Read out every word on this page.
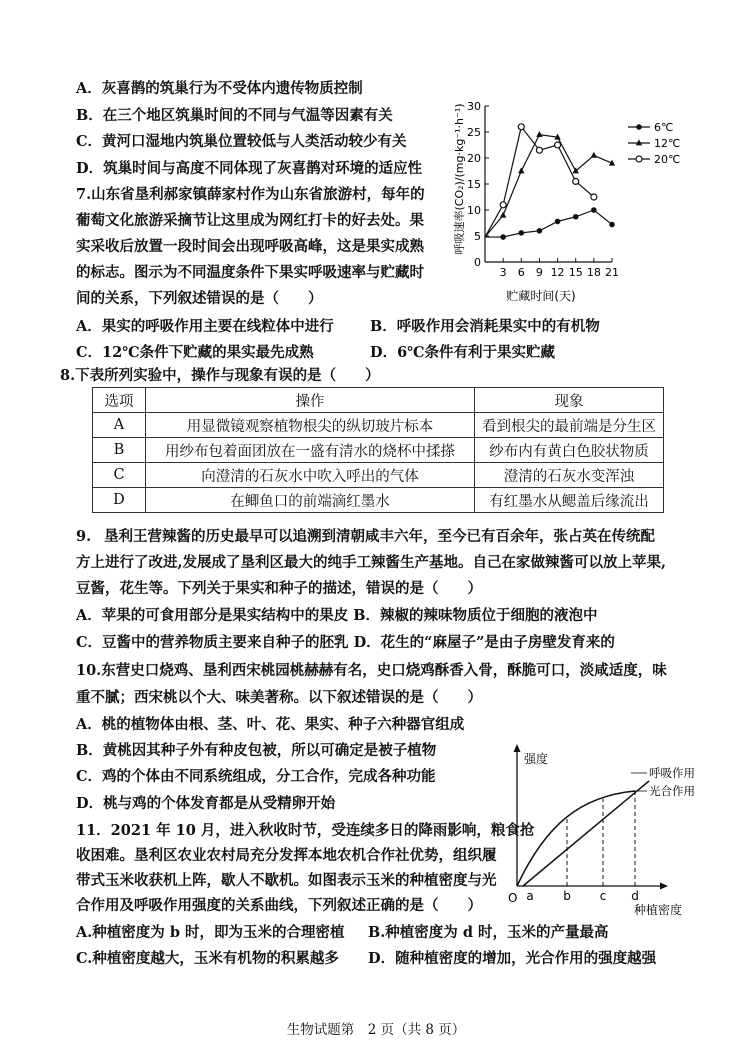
A．灰喜鹊的筑巢行为不受体内遗传物质控制
B．在三个地区筑巢时间的不同与气温等因素有关
C．黄河口湿地内筑巢位置较低与人类活动较少有关
D．筑巢时间与高度不同体现了灰喜鹊对环境的适应性
7.山东省垦利郝家镇薛家村作为山东省旅游村，每年的
葡萄文化旅游采摘节让这里成为网红打卡的好去处。果
实采收后放置一段时间会出现呼吸高峰，这是果实成熟
的标志。图示为不同温度条件下果实呼吸速率与贮藏时
间的关系，下列叙述错误的是（　　）
A．果实的呼吸作用主要在线粒体中进行	B．呼吸作用会消耗果实中的有机物
C．12℃条件下贮藏的果实最先成熟	D．6℃条件有利于果实贮藏
0
5
10
15
20
25
30
3 6 9 12 15 18 21
6℃
12℃
20℃
贮藏时间(天)
呼吸速率(CO₂)/(mg·kg⁻¹·h⁻¹)
8.下表所列实验中，操作与现象有误的是（　　）
选项	操作	现象
A	用显微镜观察植物根尖的纵切玻片标本	看到根尖的最前端是分生区
B	用纱布包着面团放在一盛有清水的烧杯中揉搽	纱布内有黄白色胶状物质
C	向澄清的石灰水中吹入呼出的气体	澄清的石灰水变浑浊
D	在鲫鱼口的前端滴红墨水	有红墨水从鳃盖后缘流出
9. 垦利王营辣酱的历史最早可以追溯到清朝咸丰六年，至今已有百余年，张占英在传统配
方上进行了改进,发展成了垦利区最大的纯手工辣酱生产基地。自己在家做辣酱可以放上苹果,
豆酱，花生等。下列关于果实和种子的描述，错误的是（　　）
A．苹果的可食用部分是果实结构中的果皮 B．辣椒的辣味物质位于细胞的液泡中
C．豆酱中的营养物质主要来自种子的胚乳 D．花生的“麻屋子”是由子房壁发育来的
10.东营史口烧鸡、垦利西宋桃园桃赫赫有名，史口烧鸡酥香入骨，酥脆可口，淡咸适度，味
重不腻；西宋桃以个大、味美著称。以下叙述错误的是（　　）
A．桃的植物体由根、茎、叶、花、果实、种子六种器官组成
B．黄桃因其种子外有种皮包被，所以可确定是被子植物
C．鸡的个体由不同系统组成，分工合作，完成各种功能
D．桃与鸡的个体发育都是从受精卵开始
11．2021 年 10 月，进入秋收时节，受连续多日的降雨影响，粮食抢
收困难。垦利区农业农村局充分发挥本地农机合作社优势，组织履
带式玉米收获机上阵，歇人不歇机。如图表示玉米的种植密度与光
合作用及呼吸作用强度的关系曲线，下列叙述正确的是（　　）
A.种植密度为 b 时，即为玉米的合理密植 B.种植密度为 d 时，玉米的产量最高
C.种植密度越大，玉米有机物的积累越多 D．随种植密度的增加，光合作用的强度越强
强度
呼吸作用
光合作用
O a b c d
种植密度
生物试题第　2 页（共 8 页）
